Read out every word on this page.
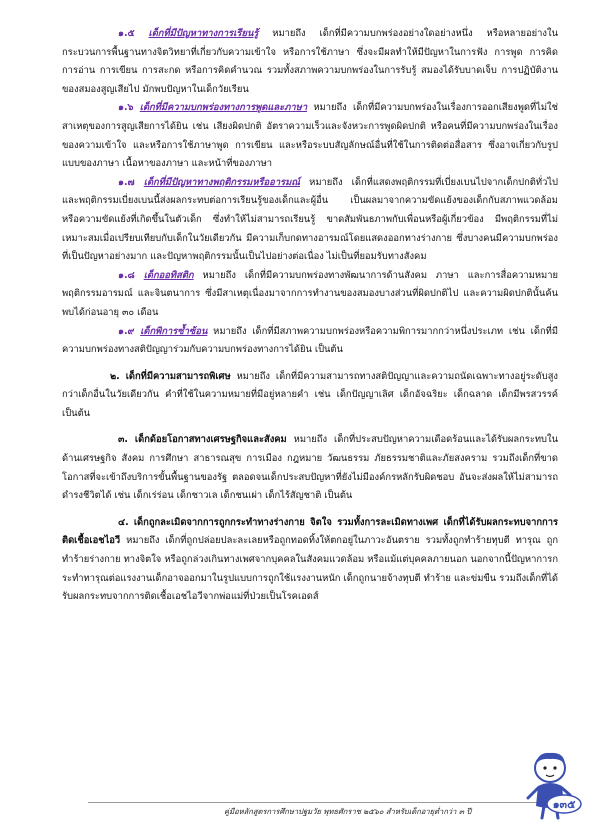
๑.๕ เด็กที่มีปัญหาทางการเรียนรู้ หมายถึง เด็กที่มีความบกพร่องอย่างใดอย่างหนึ่ง หรือหลายอย่างในกระบวนการพื้นฐานทางจิตวิทยาที่เกี่ยวกับความเข้าใจ หรือการใช้ภาษา ซึ่งจะมีผลทำให้มีปัญหาในการฟัง การพูด การคิด การอ่าน การเขียน การสะกด หรือการคิดคำนวณ รวมทั้งสภาพความบกพร่องในการรับรู้ สมองได้รับบาดเจ็บ การปฏิบัติงานของสมองสูญเสียไป มักพบปัญหาในเด็กวัยเรียน

๑.๖ เด็กที่มีความบกพร่องทางการพูดและภาษา หมายถึง เด็กที่มีความบกพร่องในเรื่องการออกเสียงพูดที่ไม่ใช่สาเหตุของการสูญเสียการได้ยิน เช่น เสียงผิดปกติ อัตราความเร็วและจังหวะการพูดผิดปกติ หรือคนที่มีความบกพร่องในเรื่องของความเข้าใจ และหรือการใช้ภาษาพูด การเขียน และหรือระบบสัญลักษณ์อื่นที่ใช้ในการติดต่อสื่อสาร ซึ่งอาจเกี่ยวกับรูปแบบของภาษา เนื้อหาของภาษา และหน้าที่ของภาษา

๑.๗ เด็กที่มีปัญหาทางพฤติกรรมหรืออารมณ์ หมายถึง เด็กที่แสดงพฤติกรรมที่เบี่ยงเบนไปจากเด็กปกติทั่วไป และพฤติกรรมเบี่ยงเบนนี้ส่งผลกระทบต่อการเรียนรู้ของเด็กและผู้อื่น เป็นผลมาจากความขัดแย้งของเด็กกับสภาพแวดล้อม หรือความขัดแย้งที่เกิดขึ้นในตัวเด็ก ซึ่งทำให้ไม่สามารถเรียนรู้ ขาดสัมพันธภาพกับเพื่อนหรือผู้เกี่ยวข้อง มีพฤติกรรมที่ไม่เหมาะสมเมื่อเปรียบเทียบกับเด็กในวัยเดียวกัน มีความเก็บกดทางอารมณ์โดยแสดงออกทางร่างกาย ซึ่งบางคนมีความบกพร่องที่เป็นปัญหาอย่างมาก และปัญหาพฤติกรรมนั้นเป็นไปอย่างต่อเนื่อง ไม่เป็นที่ยอมรับทางสังคม

๑.๘ เด็กออทิสติก หมายถึง เด็กที่มีความบกพร่องทางพัฒนาการด้านสังคม ภาษา และการสื่อความหมาย พฤติกรรมอารมณ์ และจินตนาการ ซึ่งมีสาเหตุเนื่องมาจากการทำงานของสมองบางส่วนที่ผิดปกติไป และความผิดปกตินั้นค้นพบได้ก่อนอายุ ๓๐ เดือน

๑.๙ เด็กพิการซ้ำซ้อน หมายถึง เด็กที่มีสภาพความบกพร่องหรือความพิการมากกว่าหนึ่งประเภท เช่น เด็กที่มีความบกพร่องทางสติปัญญาร่วมกับความบกพร่องทางการได้ยิน เป็นต้น

๒. เด็กที่มีความสามารถพิเศษ หมายถึง เด็กที่มีความสามารถทางสติปัญญาและความถนัดเฉพาะทางอยู่ระดับสูงกว่าเด็กอื่นในวัยเดียวกัน คำที่ใช้ในความหมายที่มีอยู่หลายคำ เช่น เด็กปัญญาเลิศ เด็กอัจฉริยะ เด็กฉลาด เด็กมีพรสวรรค์ เป็นต้น

๓. เด็กด้อยโอกาสทางเศรษฐกิจและสังคม หมายถึง เด็กที่ประสบปัญหาความเดือดร้อนและได้รับผลกระทบในด้านเศรษฐกิจ สังคม การศึกษา สาธารณสุข การเมือง กฎหมาย วัฒนธรรม ภัยธรรมชาติและภัยสงคราม รวมถึงเด็กที่ขาดโอกาสที่จะเข้าถึงบริการขั้นพื้นฐานของรัฐ ตลอดจนเด็กประสบปัญหาที่ยังไม่มีองค์กรหลักรับผิดชอบ อันจะส่งผลให้ไม่สามารถดำรงชีวิตได้ เช่น เด็กเร่ร่อน เด็กชาวเล เด็กชนเผ่า เด็กไร้สัญชาติ เป็นต้น

๔. เด็กถูกละเมิดจากการถูกกระทำทางร่างกาย จิตใจ รวมทั้งการละเมิดทางเพศ เด็กที่ได้รับผลกระทบจากการติดเชื้อเอชไอวี หมายถึง เด็กที่ถูกปล่อยปละละเลยหรือถูกทอดทิ้งให้ตกอยู่ในภาวะอันตราย รวมทั้งถูกทำร้ายทุบตี ทารุณ ถูกทำร้ายร่างกาย ทางจิตใจ หรือถูกล่วงเกินทางเพศจากบุคคลในสังคมแวดล้อม หรือแม้แต่บุคคลภายนอก นอกจากนี้ปัญหาการกระทำทารุณต่อแรงงานเด็กอาจออกมาในรูปแบบการถูกใช้แรงงานหนัก เด็กถูกนายจ้างทุบตี ทำร้าย และข่มขืน รวมถึงเด็กที่ได้รับผลกระทบจากการติดเชื้อเอชไอวีจากพ่อแม่ที่ป่วยเป็นโรคเอดส์

คู่มือหลักสูตรการศึกษาปฐมวัย พุทธศักราช ๒๕๖๐ สำหรับเด็กอายุต่ำกว่า ๓ ปี
๑๓๕
